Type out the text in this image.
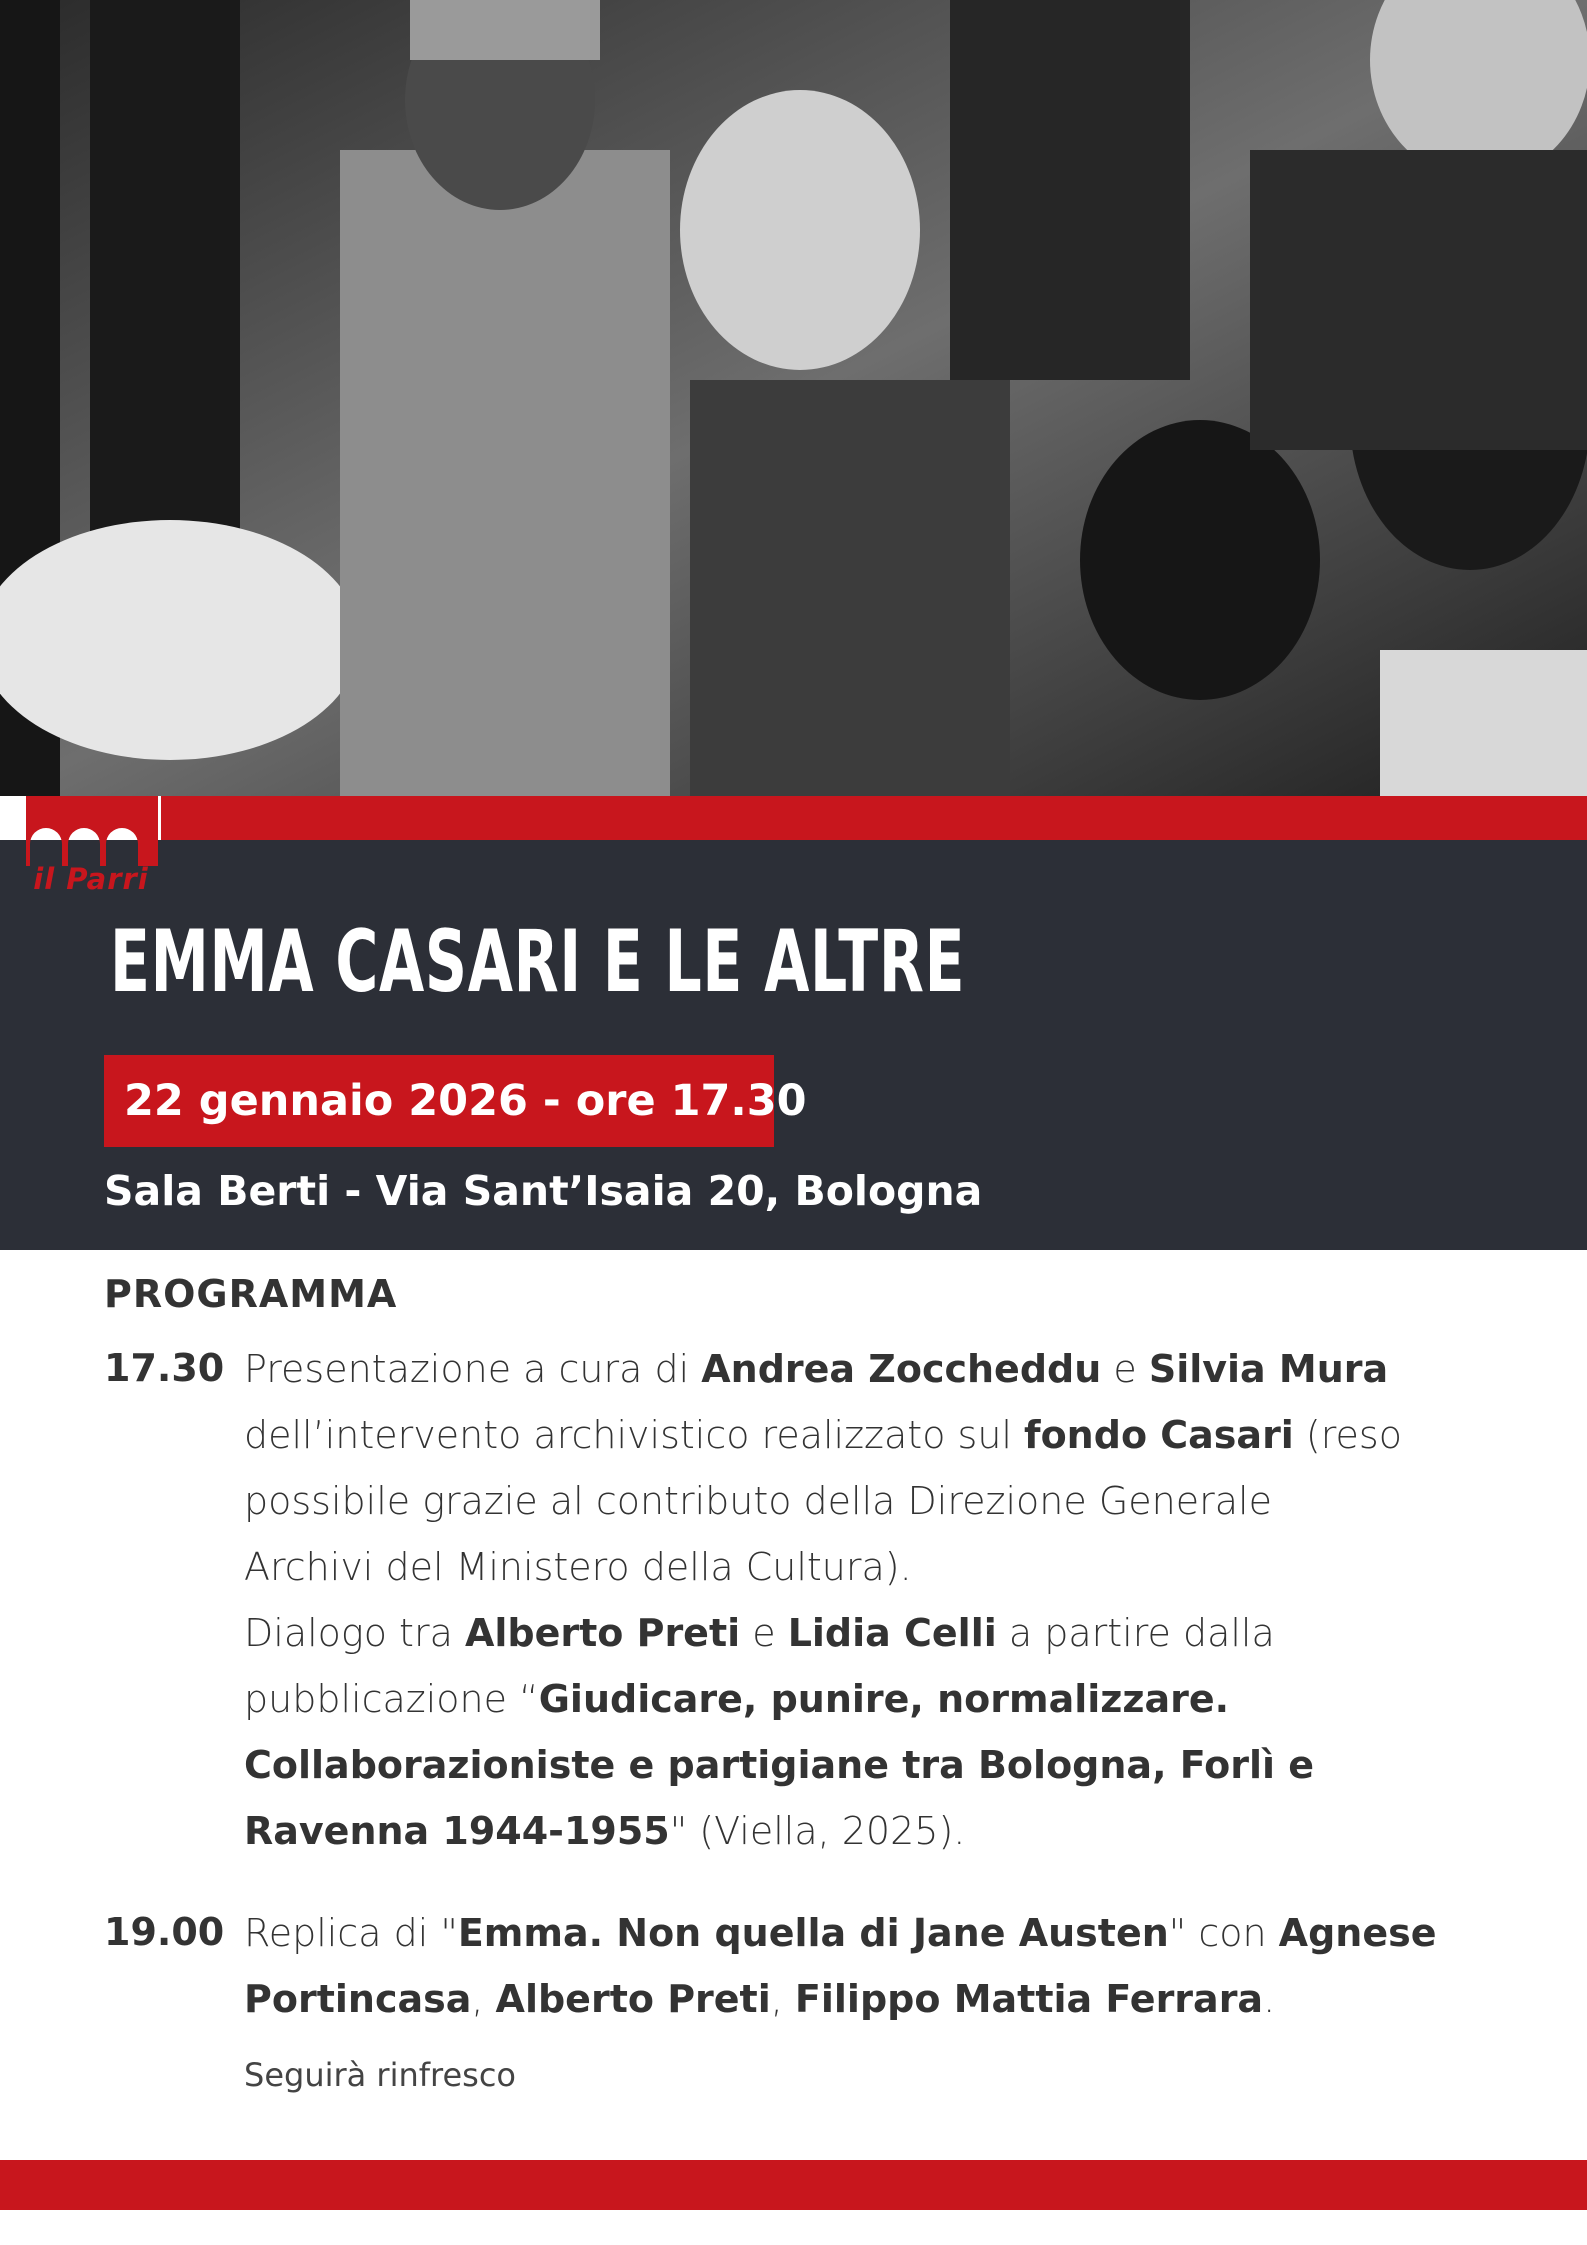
il Parri
EMMA CASARI E LE ALTRE
22 gennaio 2026 - ore 17.30
Sala Berti - Via Sant’Isaia 20, Bologna
PROGRAMMA
17.30 Presentazione a cura di Andrea Zoccheddu e Silvia Mura
dell’intervento archivistico realizzato sul fondo Casari (reso
possibile grazie al contributo della Direzione Generale
Archivi del Ministero della Cultura).
Dialogo tra Alberto Preti e Lidia Celli a partire dalla
pubblicazione “Giudicare, punire, normalizzare.
Collaborazioniste e partigiane tra Bologna, Forlì e
Ravenna 1944-1955" (Viella, 2025).
19.00 Replica di "Emma. Non quella di Jane Austen" con Agnese
Portincasa, Alberto Preti, Filippo Mattia Ferrara.
Seguirà rinfresco
